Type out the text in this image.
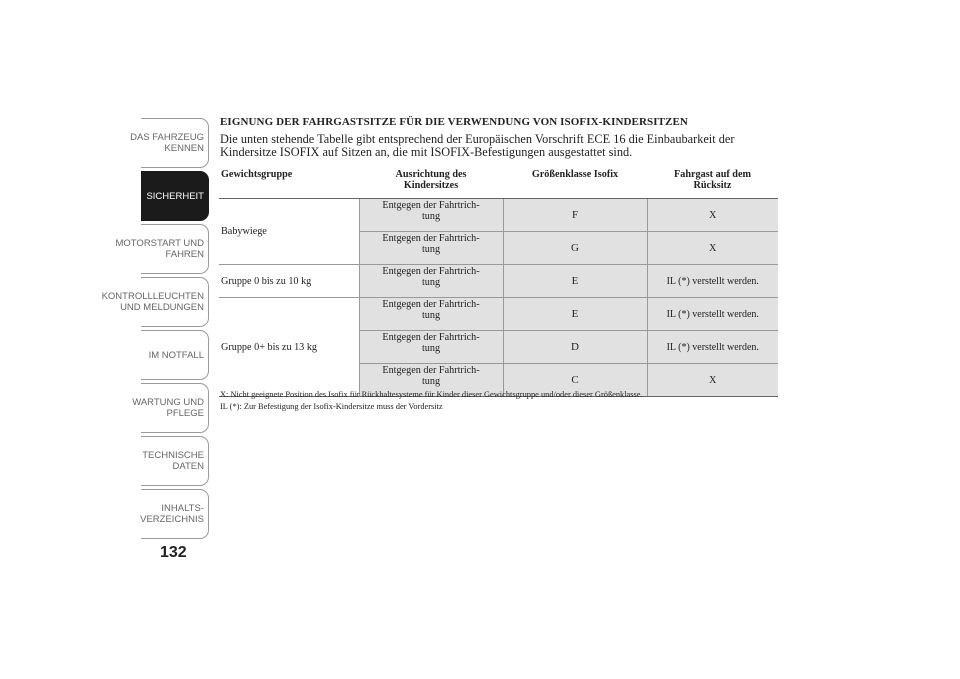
DAS FAHRZEUG
KENNEN
SICHERHEIT
MOTORSTART UND
FAHREN
KONTROLLLEUCHTEN
UND MELDUNGEN
IM NOTFALL
WARTUNG UND
PFLEGE
TECHNISCHE
DATEN
INHALTS-
VERZEICHNIS
132
EIGNUNG DER FAHRGASTSITZE FÜR DIE VERWENDUNG VON ISOFIX-KINDERSITZEN
Die unten stehende Tabelle gibt entsprechend der Europäischen Vorschrift ECE 16 die Einbaubarkeit der Kindersitze ISOFIX auf Sitzen an, die mit ISOFIX-Befestigungen ausgestattet sind.
Gewichtsgruppe	Ausrichtung des
Kindersitzes	Größenklasse Isofix	Fahrgast auf dem
Rücksitz
Babywiege	Entgegen der Fahrtrich-
tung	F	X
	Entgegen der Fahrtrich-
tung	G	X
Gruppe 0 bis zu 10 kg	Entgegen der Fahrtrich-
tung	E	IL (*) verstellt werden.
Gruppe 0+ bis zu 13 kg	Entgegen der Fahrtrich-
tung	E	IL (*) verstellt werden.
	Entgegen der Fahrtrich-
tung	D	IL (*) verstellt werden.
	Entgegen der Fahrtrich-
tung	C	X
X: Nicht geeignete Position des Isofix für Rückhaltesysteme für Kinder dieser Gewichtsgruppe und/oder dieser Größenklasse.
IL (*): Zur Befestigung der Isofix-Kindersitze muss der Vordersitz
